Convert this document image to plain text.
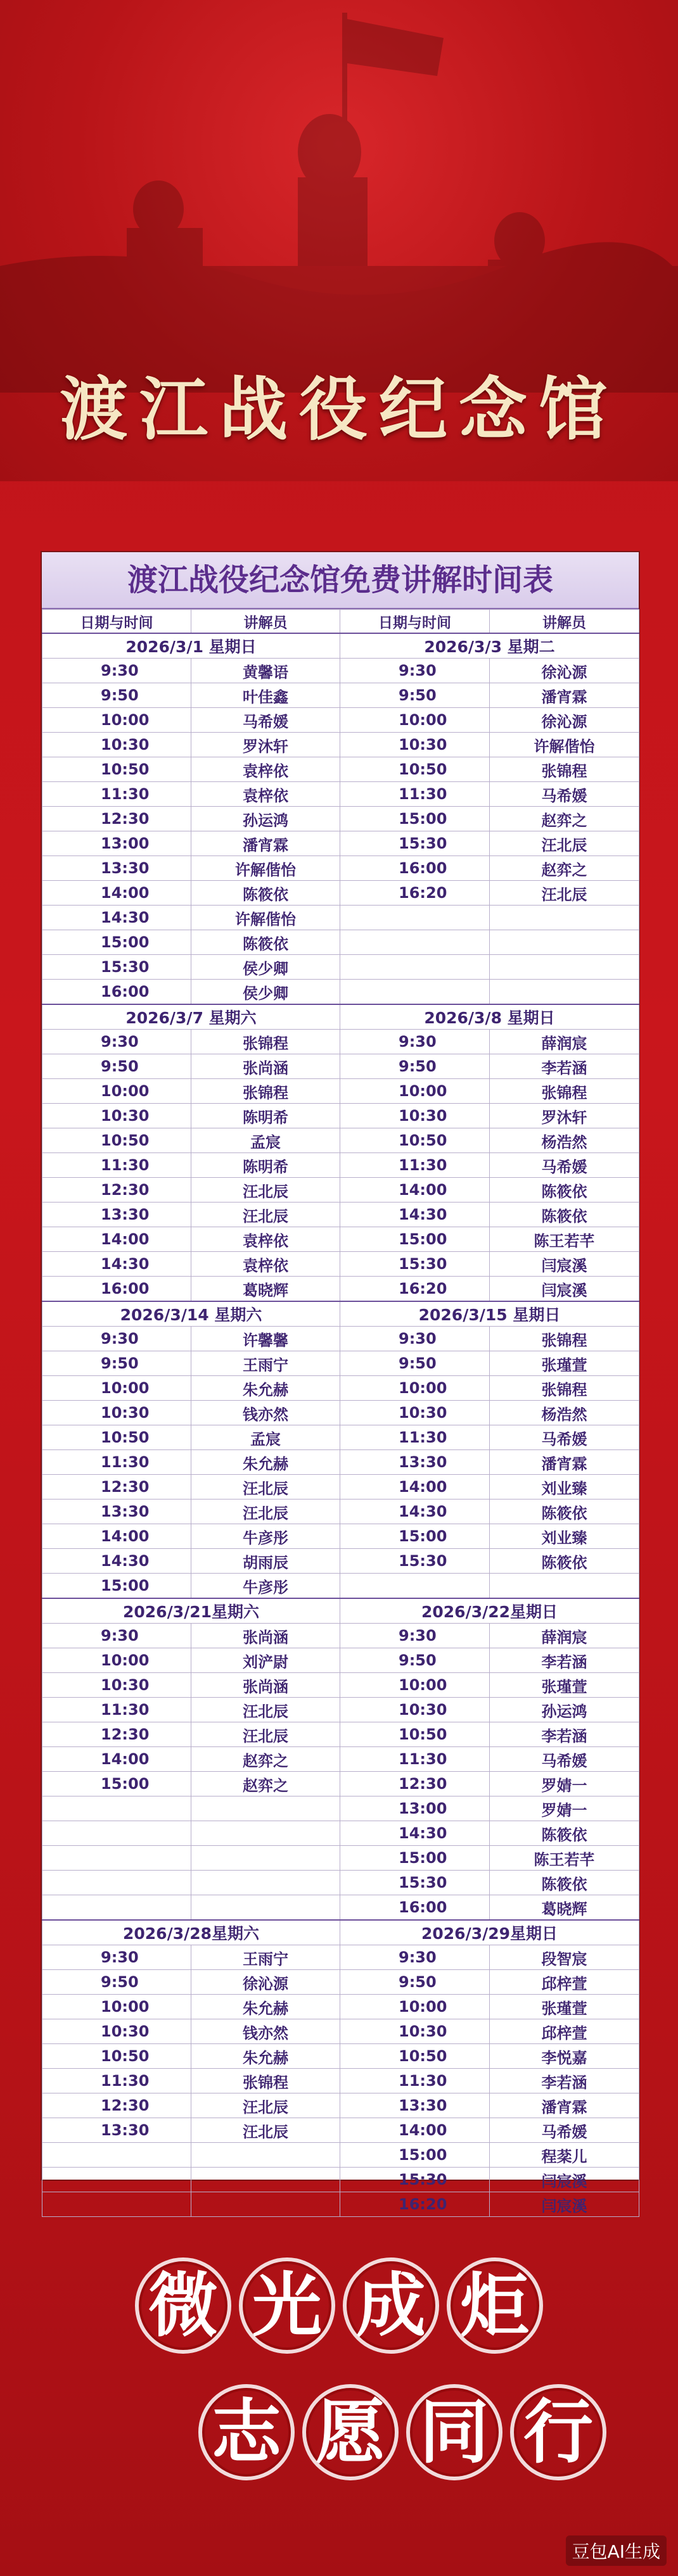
渡江战役纪念馆
渡江战役纪念馆免费讲解时间表
日期与时间	讲解员	日期与时间	讲解员
2026/3/1 星期日		2026/3/3 星期二	
9:30	黄馨语	9:30	徐沁源
9:50	叶佳鑫	9:50	潘宵霖
10:00	马希媛	10:00	徐沁源
10:30	罗沐轩	10:30	许解偕怡
10:50	袁梓依	10:50	张锦程
11:30	袁梓依	11:30	马希媛
12:30	孙运鸿	15:00	赵弈之
13:00	潘宵霖	15:30	汪北辰
13:30	许解偕怡	16:00	赵弈之
14:00	陈筱依	16:20	汪北辰
14:30	许解偕怡		
15:00	陈筱依		
15:30	侯少卿		
16:00	侯少卿		
2026/3/7 星期六		2026/3/8 星期日	
9:30	张锦程	9:30	薛润宸
9:50	张尚涵	9:50	李若涵
10:00	张锦程	10:00	张锦程
10:30	陈明希	10:30	罗沐轩
10:50	孟宸	10:50	杨浩然
11:30	陈明希	11:30	马希媛
12:30	汪北辰	14:00	陈筱依
13:30	汪北辰	14:30	陈筱依
14:00	袁梓依	15:00	陈王若芊
14:30	袁梓依	15:30	闫宸溪
16:00	葛晓辉	16:20	闫宸溪
2026/3/14 星期六		2026/3/15 星期日	
9:30	许馨馨	9:30	张锦程
9:50	王雨宁	9:50	张瑾萱
10:00	朱允赫	10:00	张锦程
10:30	钱亦然	10:30	杨浩然
10:50	孟宸	11:30	马希媛
11:30	朱允赫	13:30	潘宵霖
12:30	汪北辰	14:00	刘业臻
13:30	汪北辰	14:30	陈筱依
14:00	牛彦彤	15:00	刘业臻
14:30	胡雨辰	15:30	陈筱依
15:00	牛彦彤		
2026/3/21星期六		2026/3/22星期日	
9:30	张尚涵	9:30	薛润宸
10:00	刘浐尉	9:50	李若涵
10:30	张尚涵	10:00	张瑾萱
11:30	汪北辰	10:30	孙运鸿
12:30	汪北辰	10:50	李若涵
14:00	赵弈之	11:30	马希媛
15:00	赵弈之	12:30	罗婧一
		13:00	罗婧一
		14:30	陈筱依
		15:00	陈王若芊
		15:30	陈筱依
		16:00	葛晓辉
2026/3/28星期六		2026/3/29星期日	
9:30	王雨宁	9:30	段智宸
9:50	徐沁源	9:50	邱梓萱
10:00	朱允赫	10:00	张瑾萱
10:30	钱亦然	10:30	邱梓萱
10:50	朱允赫	10:50	李悦嘉
11:30	张锦程	11:30	李若涵
12:30	汪北辰	13:30	潘宵霖
13:30	汪北辰	14:00	马希媛
		15:00	程棻儿
		15:30	闫宸溪
		16:20	闫宸溪
微 光 成 炬
志 愿 同 行
豆包AI生成
